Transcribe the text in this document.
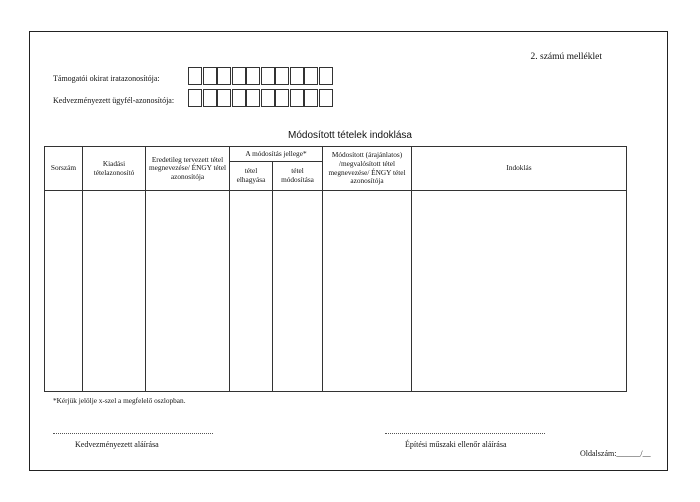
2. számú melléklet
Támogatói okirat iratazonosítója:
Kedvezményezett ügyfél-azonosítója:
Módosított tételek indoklása
Sorszám	Kiadási tételazonosító	Eredetileg tervezett tétel megnevezése/ ÉNGY tétel azonosítója	A módosítás jellege*		Módosított (árajánlatos) /megvalósított tétel megnevezése/ ÉNGY tétel azonosítója	Indoklás
			tétel elhagyása	tétel módosítása		

*Kérjük jelölje x-szel a megfelelő oszlopban.
Kedvezményezett aláírása	Építési műszaki ellenőr aláírása
Oldalszám:______/__
